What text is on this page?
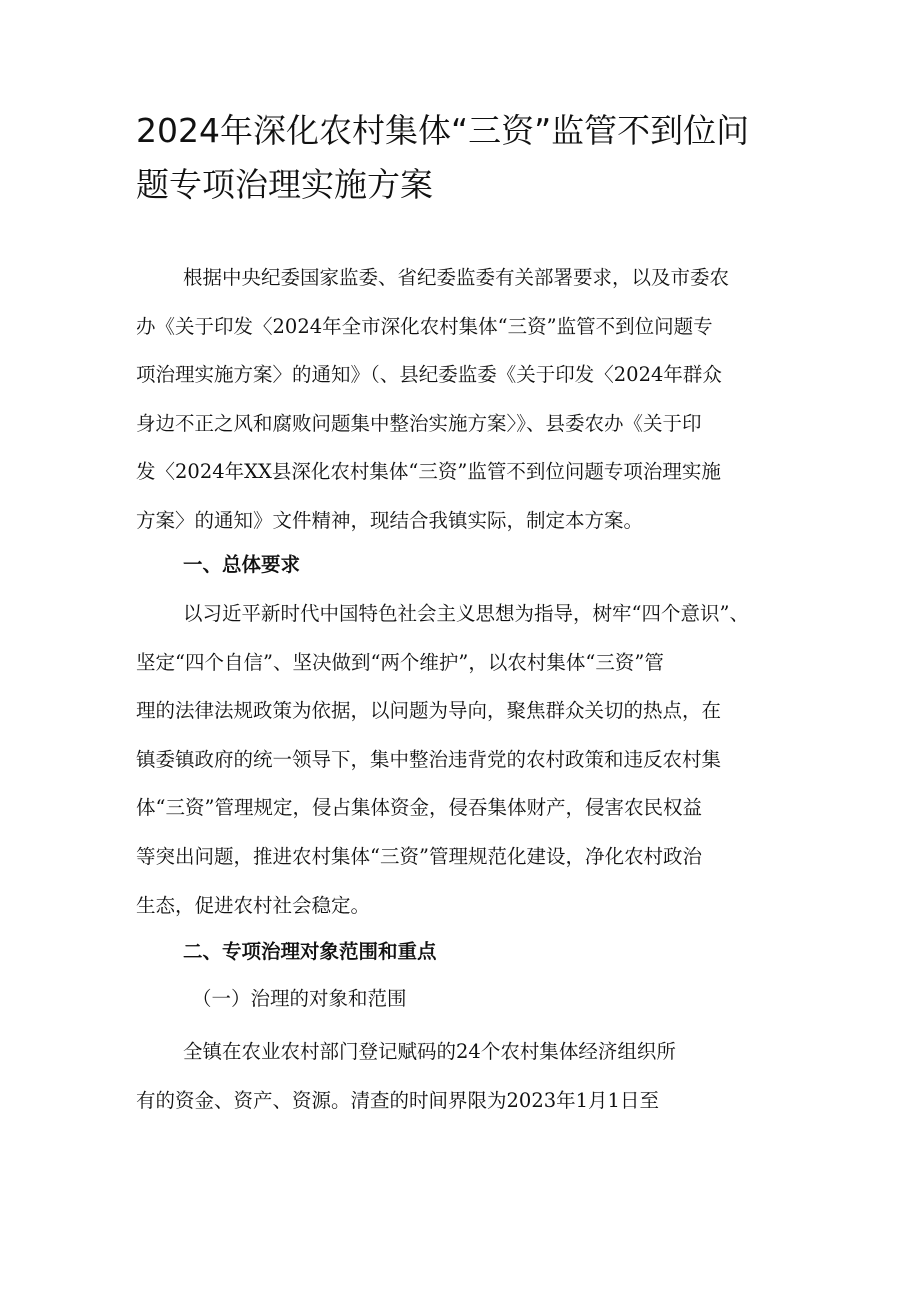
2024年深化农村集体“三资”监管不到位问
题专项治理实施方案
根据中央纪委国家监委、省纪委监委有关部署要求，以及市委农
办《关于印发〈2024年全市深化农村集体“三资”监管不到位问题专
项治理实施方案〉的通知》（、县纪委监委《关于印发〈2024年群众
身边不正之风和腐败问题集中整治实施方案〉》、县委农办《关于印
发〈2024年XX县深化农村集体“三资”监管不到位问题专项治理实施
方案〉的通知》文件精神，现结合我镇实际，制定本方案。
一、总体要求
以习近平新时代中国特色社会主义思想为指导，树牢“四个意识”、
坚定“四个自信”、坚决做到“两个维护”，以农村集体“三资”管
理的法律法规政策为依据，以问题为导向，聚焦群众关切的热点，在
镇委镇政府的统一领导下，集中整治违背党的农村政策和违反农村集
体“三资”管理规定，侵占集体资金，侵吞集体财产，侵害农民权益
等突出问题，推进农村集体“三资”管理规范化建设，净化农村政治
生态，促进农村社会稳定。
二、专项治理对象范围和重点
（一）治理的对象和范围
全镇在农业农村部门登记赋码的24个农村集体经济组织所
有的资金、资产、资源。清查的时间界限为2023年1月1日至
